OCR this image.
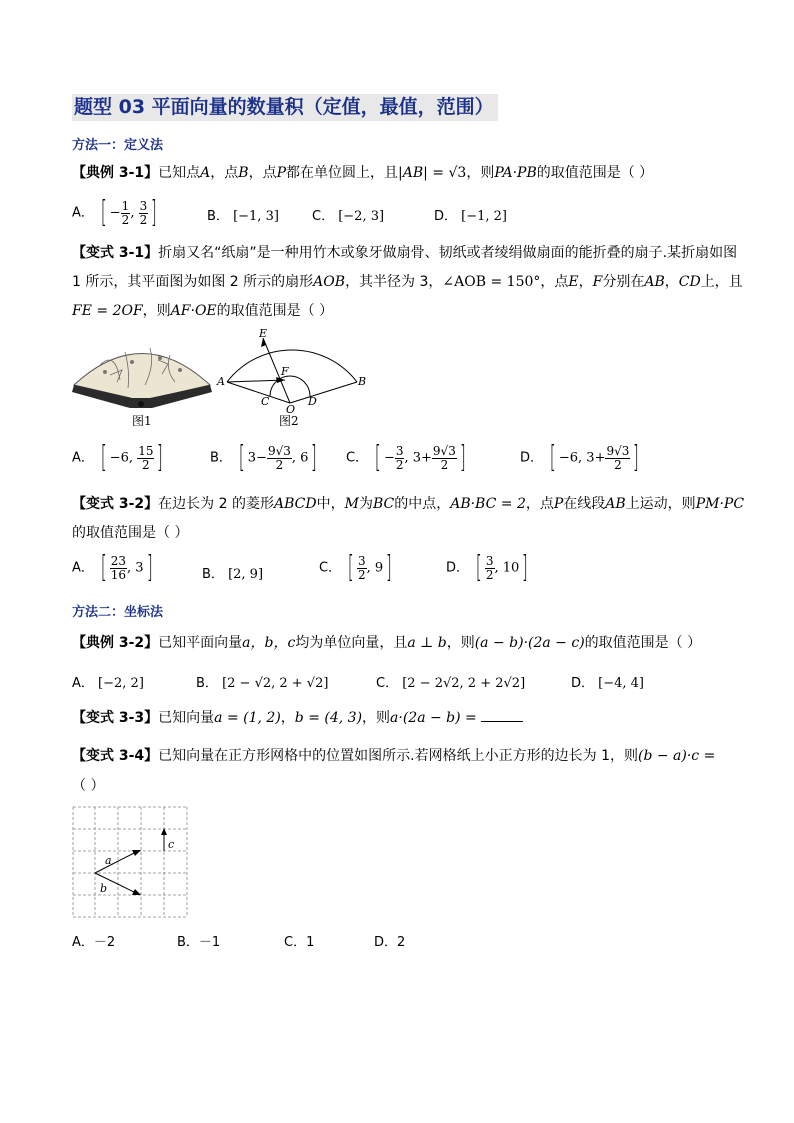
题型 03 平面向量的数量积（定值，最值，范围）
方法一：定义法
【典例 3-1】已知点A，点B，点P都在单位圆上，且|AB| = √3，则PA·PB的取值范围是（ ）
A． [ − $\frac{1}{2}$ , $\frac{3}{2}$ ]	B． [−1, 3]	C． [−2, 3]	D． [−1, 2]
【变式 3-1】折扇又名“纸扇”是一种用竹木或象牙做扇骨、韧纸或者绫绢做扇面的能折叠的扇子.某折扇如图
1 所示，其平面图为如图 2 所示的扇形AOB，其半径为 3，∠AOB = 150°，点E，F分别在AB，CD上，且
FE = 2OF，则AF·OE的取值范围是（ ）
图1
A	B
E
F
C
O
D
图2
A． [ −6, $\frac{15}{2}$ ]	B． [ $3- \frac{9√3}{2}$ , 6] C． [ − $\frac{3}{2}$ , $3+ \frac{9√3}{2}$ ]	D． [ −6, $3+ \frac{9√3}{2}$ ]
【变式 3-2】在边长为 2 的菱形ABCD中，M为BC的中点，AB·BC = 2，点P在线段AB上运动，则PM·PC
的取值范围是（ ）
A． [ $\frac{23}{16}$ , 3]	B． [2, 9]	C． [ $\frac{3}{2}$ , 9]	D． [ $\frac{3}{2}$ , 10]
方法二：坐标法
【典例 3-2】已知平面向量a，b，c均为单位向量，且a ⊥ b，则(a − b)·(2a − c)的取值范围是（ ）
A． [−2, 2]	B． [2 − √2, 2 + √2]	C． [2 − 2√2, 2 + 2√2]	D． [−4, 4]
【变式 3-3】已知向量a = (1, 2)，b = (4, 3)，则a·(2a − b) =
【变式 3-4】已知向量在正方形网格中的位置如图所示.若网格纸上小正方形的边长为 1，则(b − a)·c =
（ ）
a
b
c
A．－2	B．－1	C．1	D．2
